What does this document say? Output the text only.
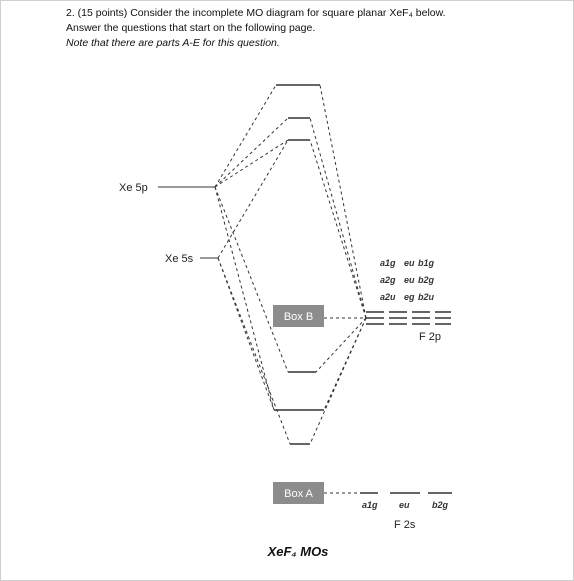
2. (15 points) Consider the incomplete MO diagram for square planar XeF₄ below.
Answer the questions that start on the following page.
Note that there are parts A-E for this question.
Box B
Box A
Xe 5p
Xe 5s
F 2p
F 2s
a1g eu b1g
a2g eu b2g
a2u eg b2u
a1g eu b2g
XeF₄ MOs
